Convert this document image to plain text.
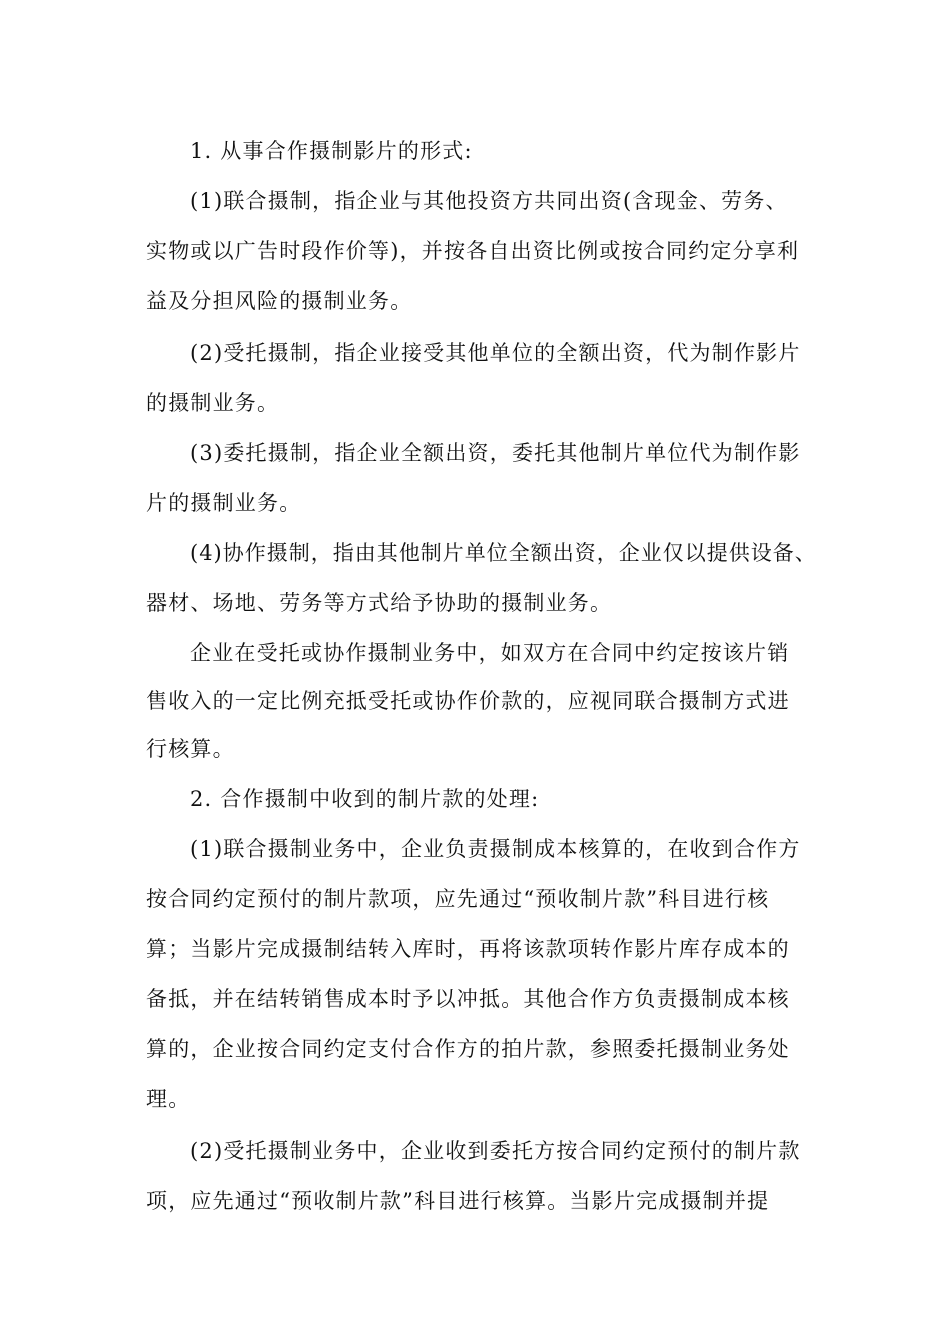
1. 从事合作摄制影片的形式:
(1)联合摄制，指企业与其他投资方共同出资(含现金、劳务、
实物或以广告时段作价等)，并按各自出资比例或按合同约定分享利
益及分担风险的摄制业务。
(2)受托摄制，指企业接受其他单位的全额出资，代为制作影片
的摄制业务。
(3)委托摄制，指企业全额出资，委托其他制片单位代为制作影
片的摄制业务。
(4)协作摄制，指由其他制片单位全额出资，企业仅以提供设备、
器材、场地、劳务等方式给予协助的摄制业务。
企业在受托或协作摄制业务中，如双方在合同中约定按该片销
售收入的一定比例充抵受托或协作价款的，应视同联合摄制方式进
行核算。
2. 合作摄制中收到的制片款的处理:
(1)联合摄制业务中，企业负责摄制成本核算的，在收到合作方
按合同约定预付的制片款项，应先通过“预收制片款”科目进行核
算；当影片完成摄制结转入库时，再将该款项转作影片库存成本的
备抵，并在结转销售成本时予以冲抵。其他合作方负责摄制成本核
算的，企业按合同约定支付合作方的拍片款，参照委托摄制业务处
理。
(2)受托摄制业务中，企业收到委托方按合同约定预付的制片款
项，应先通过“预收制片款”科目进行核算。当影片完成摄制并提
